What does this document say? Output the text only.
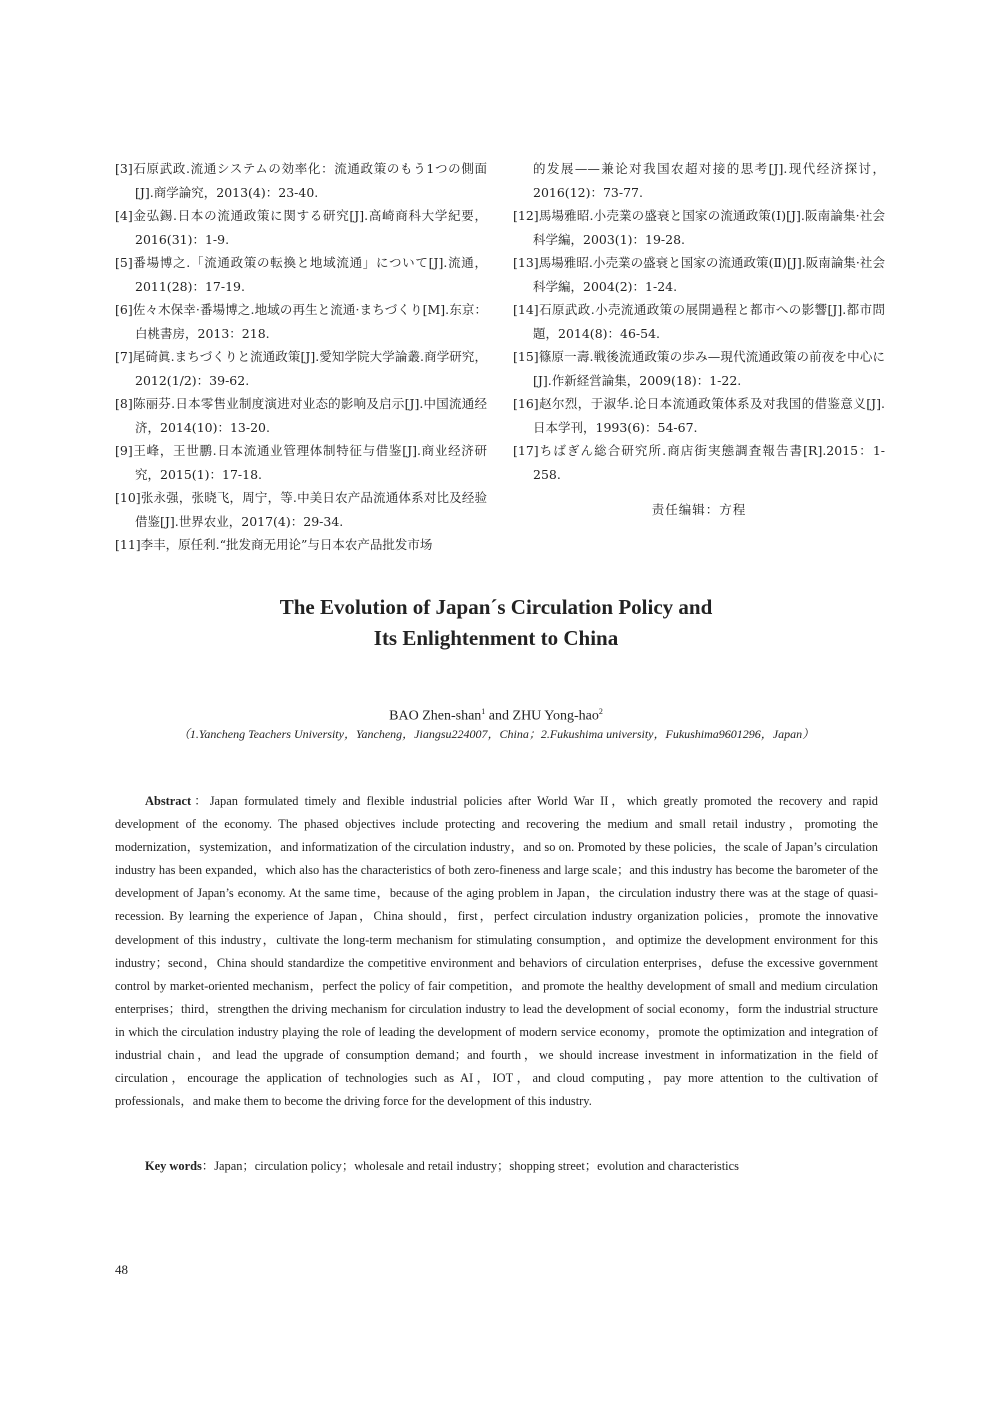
[3]石原武政.流通システムの効率化：流通政策のもう1つの側面[J].商学論究，2013(4)：23-40.

[4]金弘錫.日本の流通政策に関する研究[J].高崎商科大学紀要，2016(31)：1-9.

[5]番場博之.「流通政策の転換と地域流通」について[J].流通，2011(28)：17-19.

[6]佐々木保幸·番場博之.地域の再生と流通·まちづくり[M].东京：白桃書房，2013：218.

[7]尾碕眞.まちづくりと流通政策[J].愛知学院大学論叢.商学研究，2012(1/2)：39-62.

[8]陈丽芬.日本零售业制度演进对业态的影响及启示[J].中国流通经济，2014(10)：13-20.

[9]王峰，王世鹏.日本流通业管理体制特征与借鉴[J].商业经济研究，2015(1)：17-18.

[10]张永强，张晓飞，周宁，等.中美日农产品流通体系对比及经验借鉴[J].世界农业，2017(4)：29-34.

[11]李丰，原任利.“批发商无用论”与日本农产品批发市场

的发展——兼论对我国农超对接的思考[J].现代经济探讨，2016(12)：73-77.

[12]馬場雅昭.小売業の盛衰と国家の流通政策(Ⅰ)[J].阪南論集·社会科学編，2003(1)：19-28.

[13]馬場雅昭.小売業の盛衰と国家の流通政策(Ⅱ)[J].阪南論集·社会科学編，2004(2)：1-24.

[14]石原武政.小売流通政策の展開過程と都市への影響[J].都市問題，2014(8)：46-54.

[15]篠原一壽.戦後流通政策の歩み—現代流通政策の前夜を中心に[J].作新経営論集，2009(18)：1-22.

[16]赵尔烈，于淑华.论日本流通政策体系及对我国的借鉴意义[J].日本学刊，1993(6)：54-67.

[17]ちばぎん総合研究所.商店街実態調査報告書[R].2015：1-258.

责任编辑：方程
The Evolution of Japan´s Circulation Policy and
Its Enlightenment to China
BAO Zhen-shan$^1$ and ZHU Yong-hao$^2$
（1.Yancheng Teachers University，Yancheng，Jiangsu224007，China；2.Fukushima university，Fukushima9601296，Japan）

Abstract：Japan formulated timely and flexible industrial policies after World War II，which greatly promoted the recovery and rapid development of the economy. The phased objectives include protecting and recovering the medium and small retail industry，promoting the modernization，systemization，and informatization of the circulation industry，and so on. Promoted by these policies，the scale of Japan’s circulation industry has been expanded，which also has the characteristics of both zero-fineness and large scale；and this industry has become the barometer of the development of Japan’s economy. At the same time，because of the aging problem in Japan，the circulation industry there was at the stage of quasi-recession. By learning the experience of Japan，China should，first，perfect circulation industry organization policies，promote the innovative development of this industry，cultivate the long-term mechanism for stimulating consumption，and optimize the development environment for this industry；second，China should standardize the competitive environment and behaviors of circulation enterprises，defuse the excessive government control by market-oriented mechanism，perfect the policy of fair competition，and promote the healthy development of small and medium circulation enterprises；third，strengthen the driving mechanism for circulation industry to lead the development of social economy，form the industrial structure in which the circulation industry playing the role of leading the development of modern service economy，promote the optimization and integration of industrial chain，and lead the upgrade of consumption demand；and fourth，we should increase investment in informatization in the field of circulation，encourage the application of technologies such as AI，IOT，and cloud computing，pay more attention to the cultivation of professionals，and make them to become the driving force for the development of this industry.

Key words：Japan；circulation policy；wholesale and retail industry；shopping street；evolution and characteristics

48
